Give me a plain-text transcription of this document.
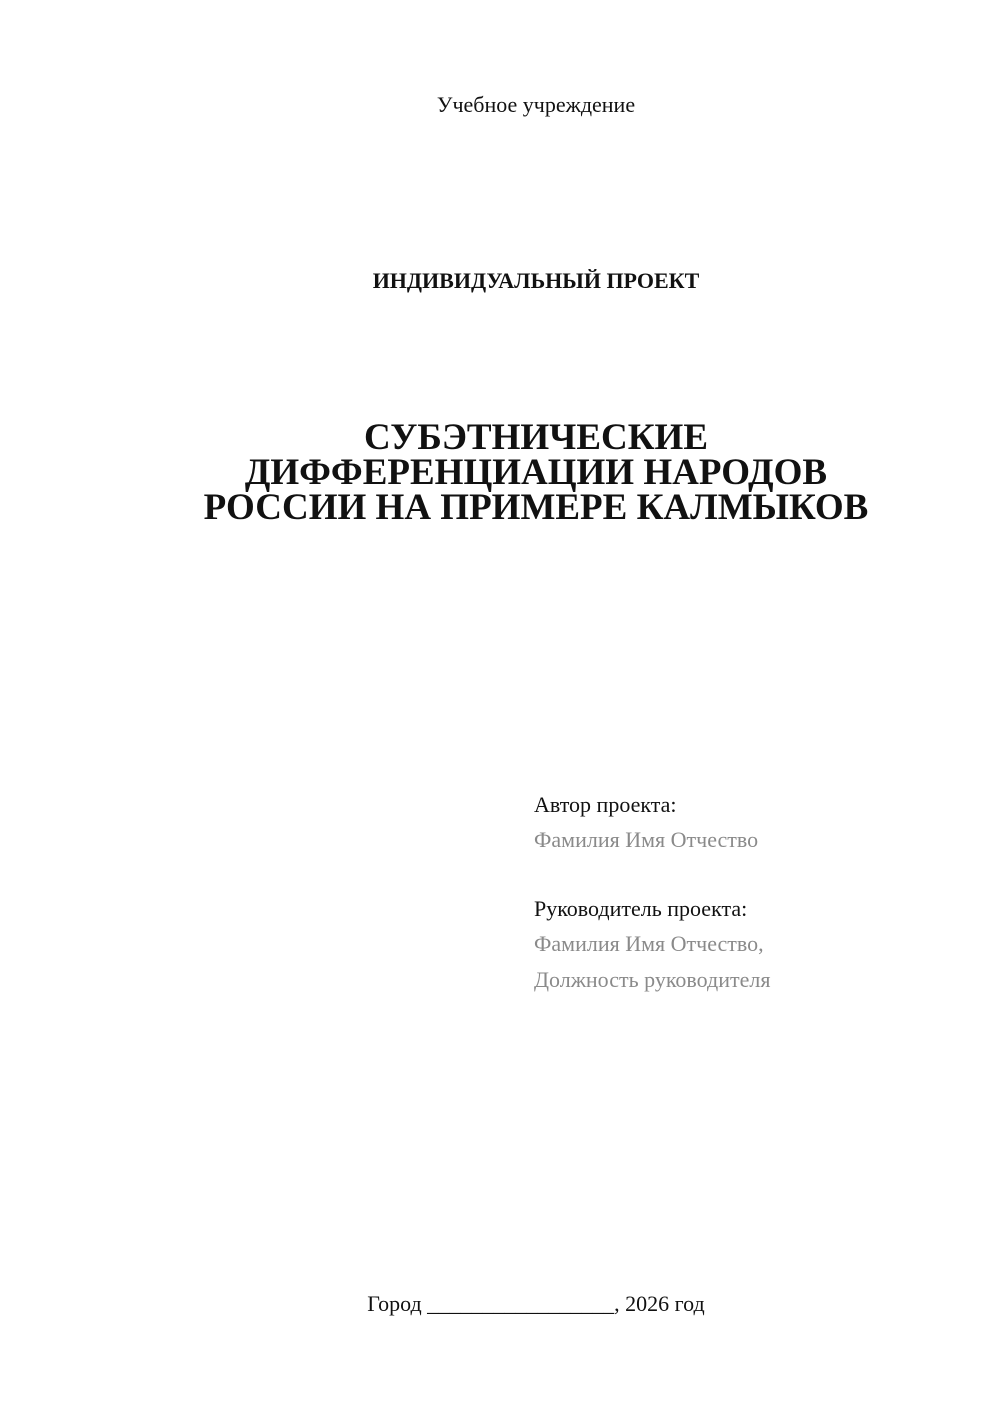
Учебное учреждение
ИНДИВИДУАЛЬНЫЙ ПРОЕКТ
СУБЭТНИЧЕСКИЕ
ДИФФЕРЕНЦИАЦИИ НАРОДОВ
РОССИИ НА ПРИМЕРЕ КАЛМЫКОВ
Автор проекта:
Фамилия Имя Отчество
Руководитель проекта:
Фамилия Имя Отчество,
Должность руководителя
Город _________________, 2026 год
